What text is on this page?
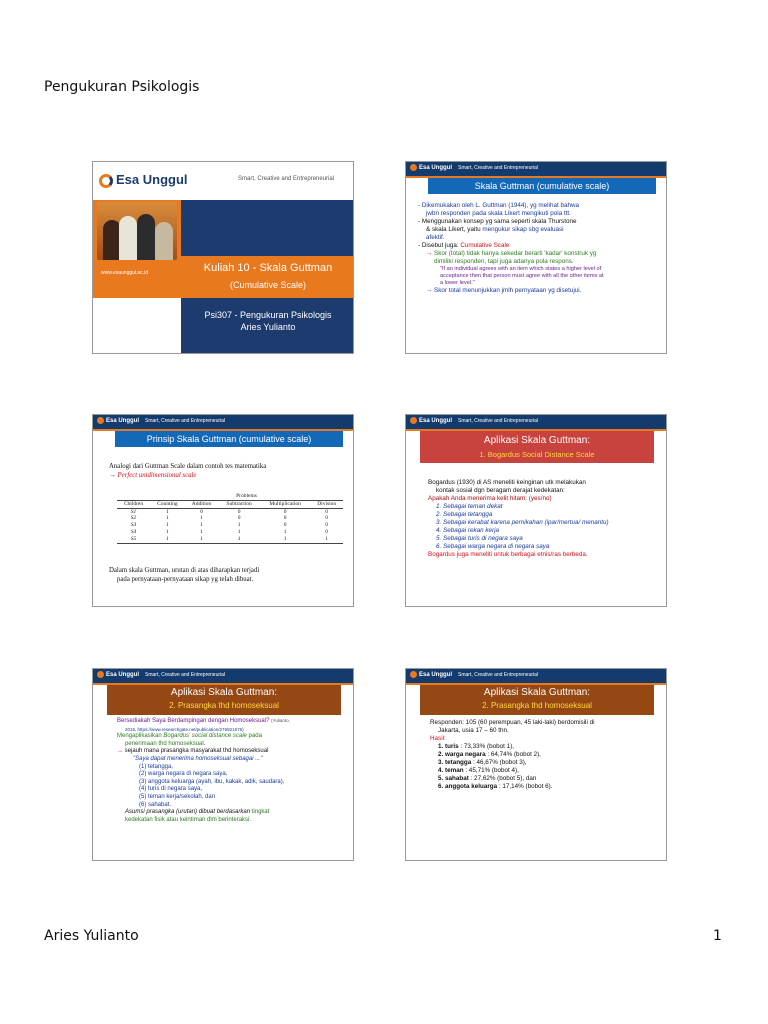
Pengukuran Psikologis
Esa Unggul	Smart, Creative and Entrepreneurial
www.esaunggul.ac.id	Kuliah 10 - Skala Guttman
(Cumulative Scale)
Psi307 - Pengukuran Psikologis
Aries Yulianto
Esa Unggul Smart, Creative and Entrepreneurial
Skala Guttman (cumulative scale)
- Dikemukakan oleh L. Guttman (1944), yg melihat bahwa
jwbn responden pada skala Likert mengikuti pola ttt.
- Menggunakan konsep yg sama seperti skala Thurstone
& skala Likert, yaitu mengukur sikap sbg evaluasi
afektif.
- Disebut juga: Cumulative Scale
→ Skor (total) tidak hanya sekedar berarti 'kadar' konstruk yg
dimiliki responden, tapi juga adanya pola respons.
"If an individual agrees with an item which states a higher level of
acceptance then that person must agree with all the other items at
a lower level."
→ Skor total menunjukkan jmlh pernyataan yg disetujui.
Esa Unggul Smart, Creative and Entrepreneurial
Prinsip Skala Guttman (cumulative scale)
Analogi dari Guttman Scale dalam contoh tes matematika
→ Perfect unidimensional scale
	Problems				
Children	Counting	Addition	Subtraction	Multiplication	Division
S1	1	0	0	0	0
S2	1	1	0	0	0
S3	1	1	1	0	0
S4	1	1	1	1	0
S5	1	1	1	1	1
Dalam skala Guttman, urutan di atas diharapkan terjadi
pada pernyataan-pernyataan sikap yg telah dibuat.
Esa Unggul Smart, Creative and Entrepreneurial
Aplikasi Skala Guttman:
1. Bogardus Social Distance Scale
Bogardus (1930) di AS meneliti keinginan utk melakukan
kontak sosial dgn beragam derajat kedekatan:
Apakah Anda menerima kelit hitam: (yes/no)
1. Sebagai teman dekat
2. Sebagai tetangga
3. Sebagai kerabat karena pernikahan (ipar/mertua/ menantu)
4. Sebagai rekan kerja
5. Sebagai turis di negara saya
6. Sebagai warga negara di negara saya
Bogardus juga meneliti untuk berbagai etnis/ras berbeda.
Esa Unggul Smart, Creative and Entrepreneurial
Aplikasi Skala Guttman:
2. Prasangka thd homoseksual
Bersediakah Saya Berdampingan dengan Homoseksual? (Yulianto,
2015, https://www.researchgate.net/publication/276921576)
Mengaplikasikan Bogardus' social distance scale pada
penerimaan thd homoseksual.
→ sejauh mana prasangka masyarakat thd homoseksual
"Saya dapat menerima homoseksual sebagai ..."
(1) tetangga,
(2) warga negara di negara saya,
(3) anggota keluarga (ayah, ibu, kakak, adik, saudara),
(4) turis di negara saya,
(5) teman kerja/sekolah, dan
(6) sahabat.
Asumsi prasangka (urutan) dibuat berdasarkan tingkat
kedekatan fisik atau keintiman dlm berinteraksi.
Esa Unggul Smart, Creative and Entrepreneurial
Aplikasi Skala Guttman:
2. Prasangka thd homoseksual
Responden: 105 (60 perempuan, 45 laki-laki) berdomisili di
Jakarta, usia 17 – 60 thn.
Hasil:
1. turis : 73,33% (bobot 1),
2. warga negara : 64,74% (bobot 2),
3. tetangga : 46,67% (bobot 3),
4. teman : 45,71% (bobot 4),
5. sahabat : 27,62% (bobot 5), dan
6. anggota keluarga : 17,14% (bobot 6).
Aries Yulianto	1
